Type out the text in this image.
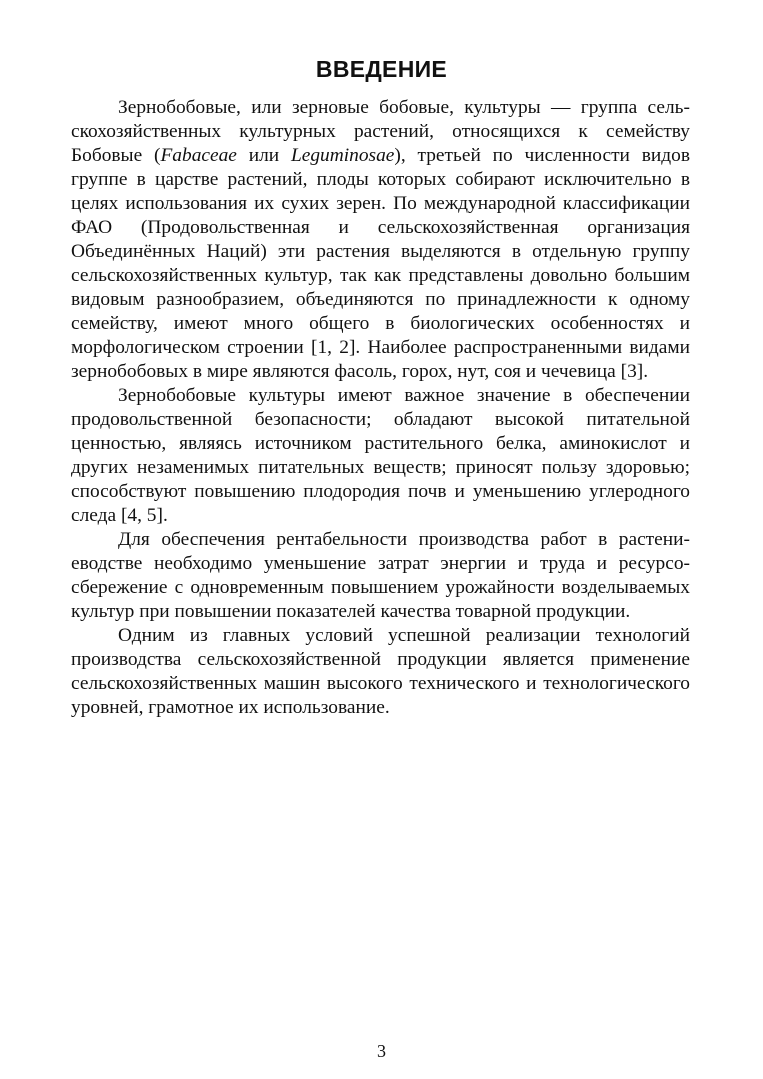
ВВЕДЕНИЕ

Зернобобовые, или зерновые бобовые, культуры — группа сельскохозяйственных культурных растений, относящихся к семейству Бобовые (Fabaceae или Leguminosae), третьей по численности видов группе в царстве растений, плоды которых собирают исключительно в целях использования их сухих зерен. По международной классификации ФАО (Продовольственная и сельскохозяйственная организация Объединённых Наций) эти растения выделяются в отдельную группу сельскохозяйственных культур, так как представлены довольно большим видовым разнообразием, объединяются по принадлежности к одному семейству, имеют много общего в биологических особенностях и морфологическом строении [1, 2]. Наиболее распространенными видами зернобобовых в мире являются фасоль, горох, нут, соя и чечевица [3].

Зернобобовые культуры имеют важное значение в обеспечении продовольственной безопасности; обладают высокой питательной ценностью, являясь источником растительного белка, аминокислот и других незаменимых питательных веществ; приносят пользу здоровью; способствуют повышению плодородия почв и уменьшению углеродного следа [4, 5].

Для обеспечения рентабельности производства работ в растениеводстве необходимо уменьшение затрат энергии и труда и ресурсосбережение с одновременным повышением урожайности возделываемых культур при повышении показателей качества товарной продукции.

Одним из главных условий успешной реализации технологий производства сельскохозяйственной продукции является применение сельскохозяйственных машин высокого технического и технологического уровней, грамотное их использование.

3
